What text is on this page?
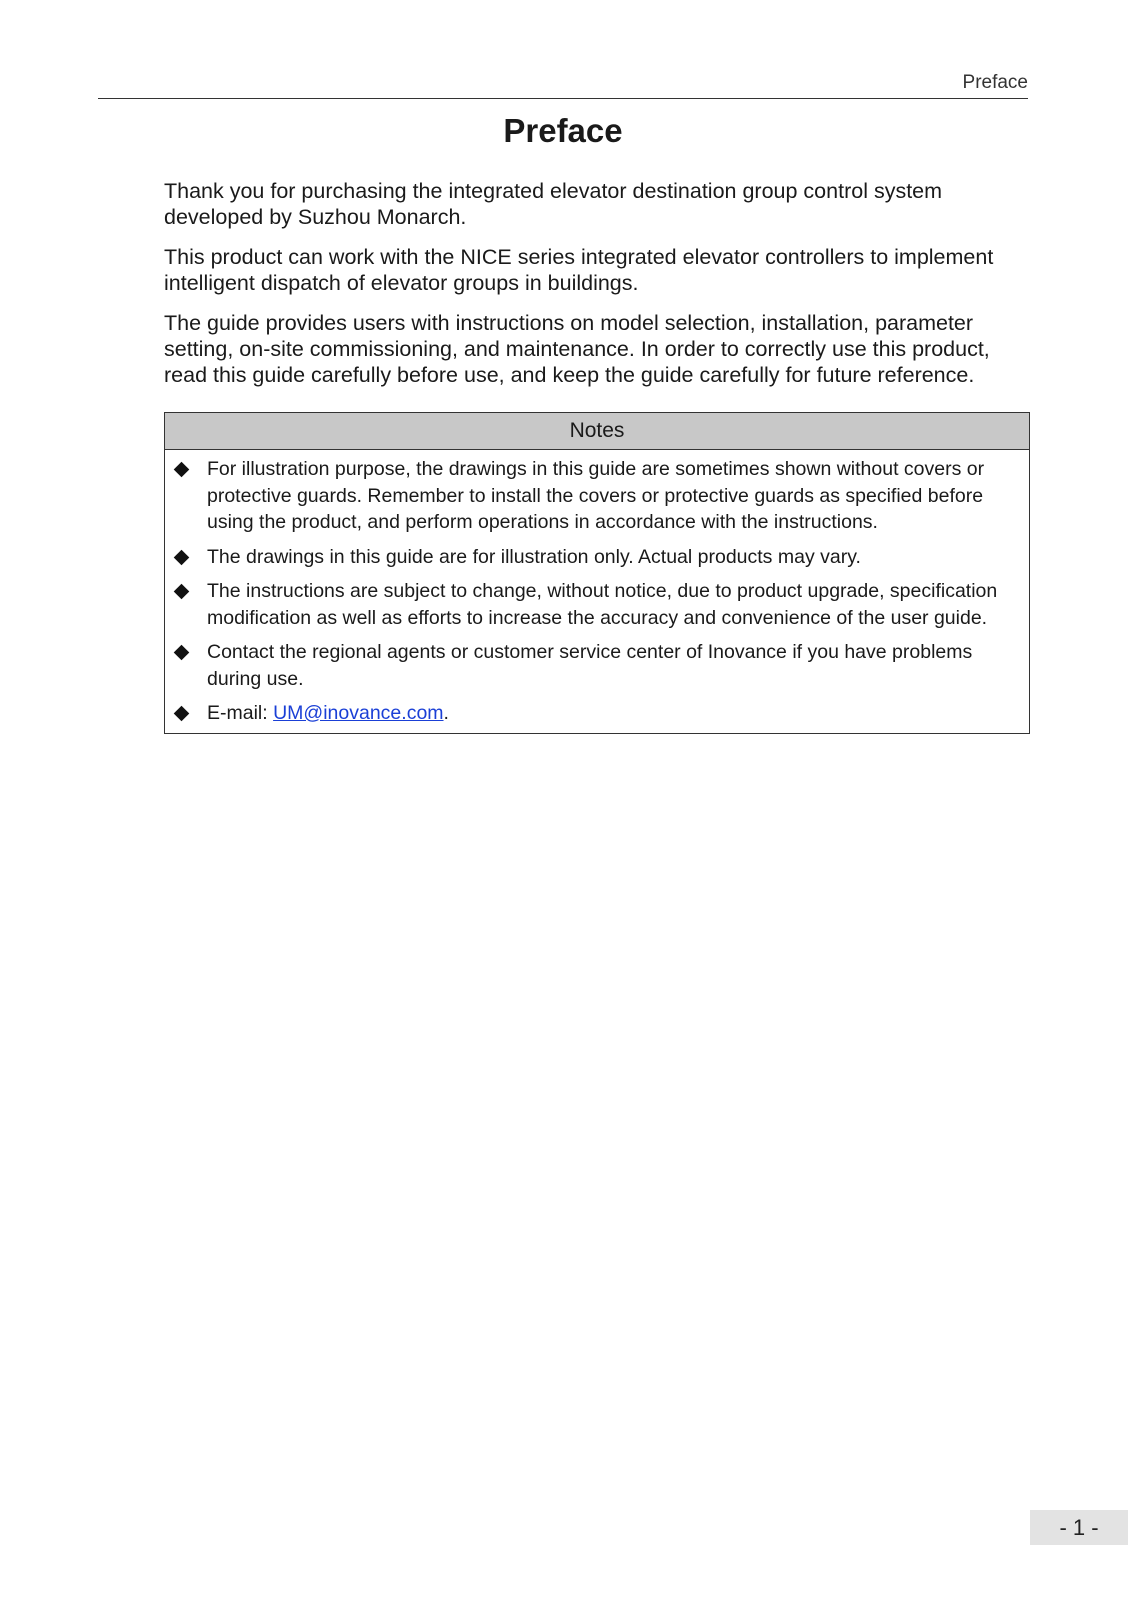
Preface
Preface

Thank you for purchasing the integrated elevator destination group control system developed by Suzhou Monarch.

This product can work with the NICE series integrated elevator controllers to implement intelligent dispatch of elevator groups in buildings.

The guide provides users with instructions on model selection, installation, parameter setting, on-site commissioning, and maintenance. In order to correctly use this product, read this guide carefully before use, and keep the guide carefully for future reference.

Notes
For illustration purpose, the drawings in this guide are sometimes shown without covers or protective guards. Remember to install the covers or protective guards as specified before using the product, and perform operations in accordance with the instructions.
The drawings in this guide are for illustration only. Actual products may vary.
The instructions are subject to change, without notice, due to product upgrade, specification modification as well as efforts to increase the accuracy and convenience of the user guide.
Contact the regional agents or customer service center of Inovance if you have problems during use.
E-mail: UM@inovance.com.
- 1 -
